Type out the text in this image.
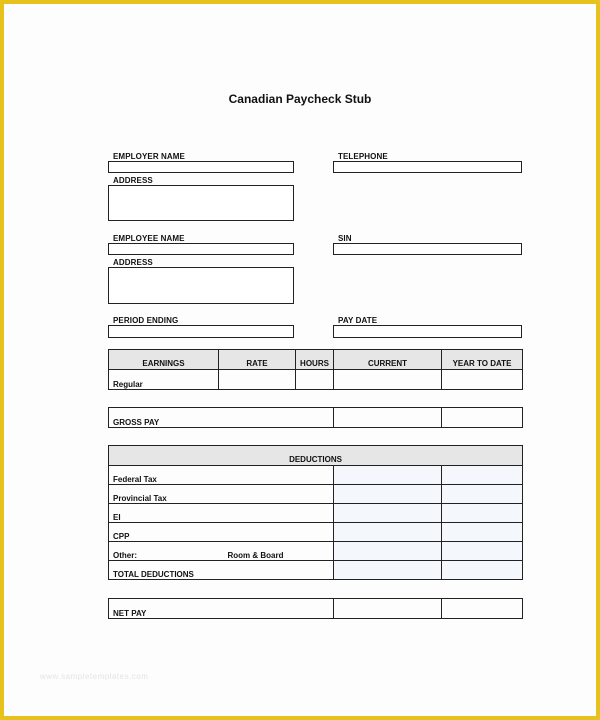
Canadian Paycheck Stub
EMPLOYER NAME	TELEPHONE
ADDRESS
EMPLOYEE NAME	SIN
ADDRESS
PERIOD ENDING	PAY DATE
EARNINGS	RATE	HOURS	CURRENT	YEAR TO DATE
Regular				
GROSS PAY		
DEDUCTIONS			
Federal Tax			
Provincial Tax			
EI			
CPP			
Other:	Room & Board		
TOTAL DEDUCTIONS			
NET PAY		
www.sampletemplates.com
